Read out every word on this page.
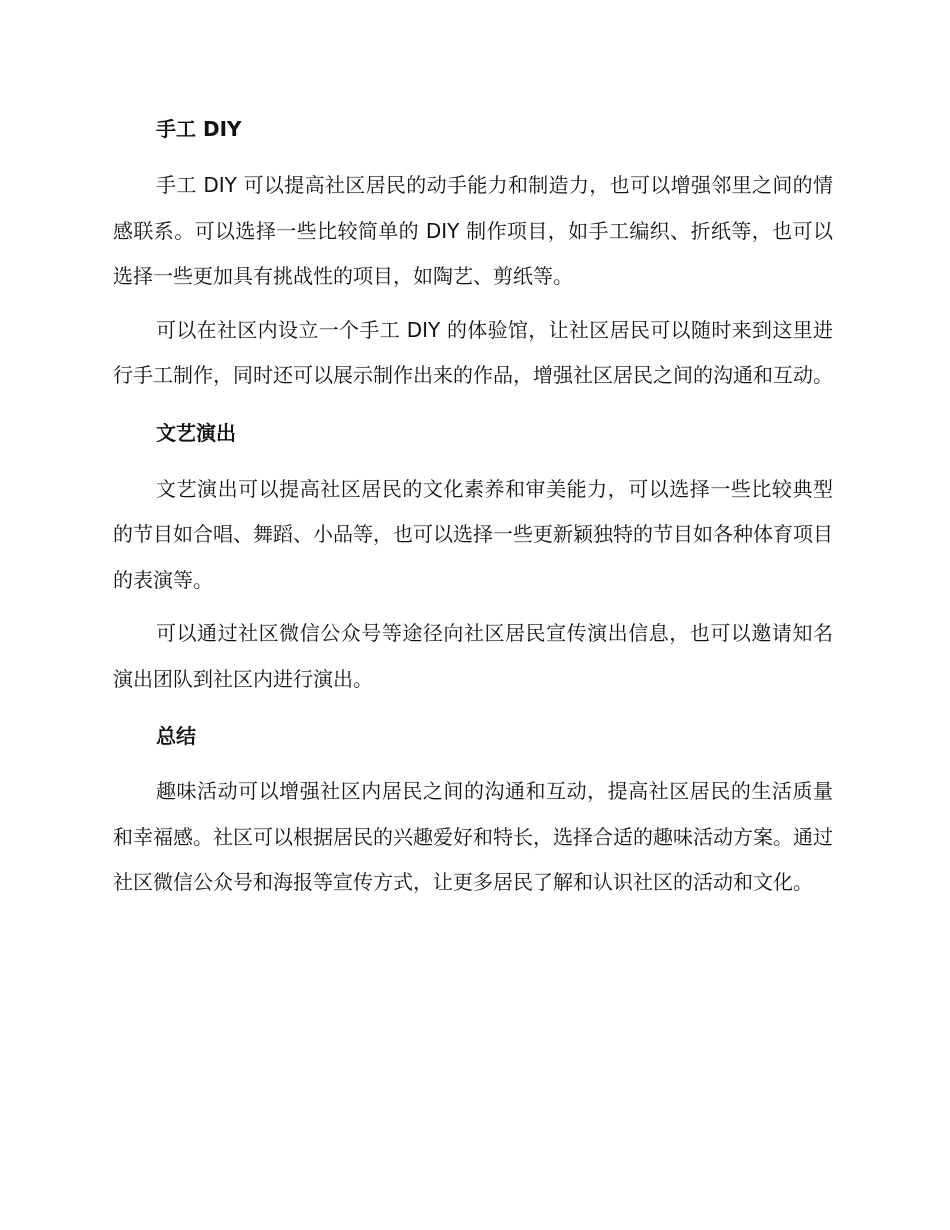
手工 DIY

手工 DIY 可以提高社区居民的动手能力和制造力，也可以增强邻里之间的情感联系。可以选择一些比较简单的 DIY 制作项目，如手工编织、折纸等，也可以选择一些更加具有挑战性的项目，如陶艺、剪纸等。

可以在社区内设立一个手工 DIY 的体验馆，让社区居民可以随时来到这里进行手工制作，同时还可以展示制作出来的作品，增强社区居民之间的沟通和互动。

文艺演出

文艺演出可以提高社区居民的文化素养和审美能力，可以选择一些比较典型的节目如合唱、舞蹈、小品等，也可以选择一些更新颖独特的节目如各种体育项目的表演等。

可以通过社区微信公众号等途径向社区居民宣传演出信息，也可以邀请知名演出团队到社区内进行演出。

总结

趣味活动可以增强社区内居民之间的沟通和互动，提高社区居民的生活质量和幸福感。社区可以根据居民的兴趣爱好和特长，选择合适的趣味活动方案。通过社区微信公众号和海报等宣传方式，让更多居民了解和认识社区的活动和文化。
